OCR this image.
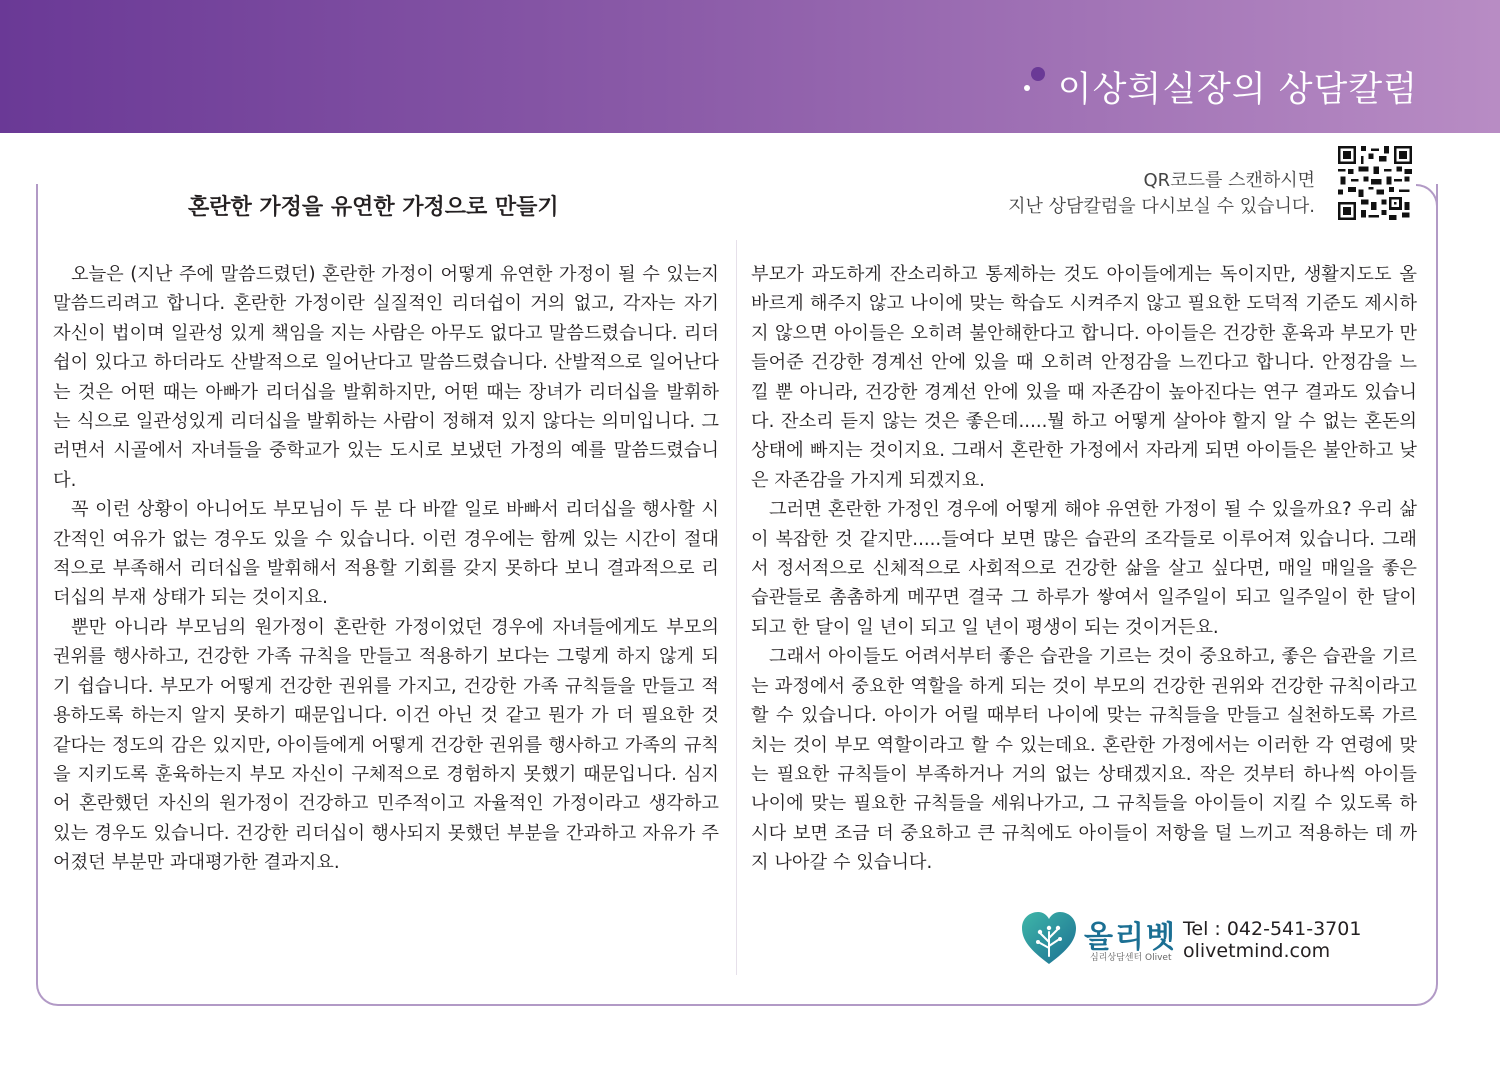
이상희실장의 상담칼럼
혼란한 가정을 유연한 가정으로 만들기
QR코드를 스캔하시면
지난 상담칼럼을 다시보실 수 있습니다.

오늘은 (지난 주에 말씀드렸던) 혼란한 가정이 어떻게 유연한 가정이 될 수 있는지 말씀드리려고 합니다. 혼란한 가정이란 실질적인 리더쉽이 거의 없고, 각자는 자기 자신이 법이며 일관성 있게 책임을 지는 사람은 아무도 없다고 말씀드렸습니다. 리더쉽이 있다고 하더라도 산발적으로 일어난다고 말씀드렸습니다. 산발적으로 일어난다는 것은 어떤 때는 아빠가 리더십을 발휘하지만, 어떤 때는 장녀가 리더십을 발휘하는 식으로 일관성있게 리더십을 발휘하는 사람이 정해져 있지 않다는 의미입니다. 그러면서 시골에서 자녀들을 중학교가 있는 도시로 보냈던 가정의 예를 말씀드렸습니다.

꼭 이런 상황이 아니어도 부모님이 두 분 다 바깥 일로 바빠서 리더십을 행사할 시간적인 여유가 없는 경우도 있을 수 있습니다. 이런 경우에는 함께 있는 시간이 절대적으로 부족해서 리더십을 발휘해서 적용할 기회를 갖지 못하다 보니 결과적으로 리더십의 부재 상태가 되는 것이지요.

뿐만 아니라 부모님의 원가정이 혼란한 가정이었던 경우에 자녀들에게도 부모의 권위를 행사하고, 건강한 가족 규칙을 만들고 적용하기 보다는 그렇게 하지 않게 되기 쉽습니다. 부모가 어떻게 건강한 권위를 가지고, 건강한 가족 규칙들을 만들고 적용하도록 하는지 알지 못하기 때문입니다. 이건 아닌 것 같고 뭔가 가 더 필요한 것 같다는 정도의 감은 있지만, 아이들에게 어떻게 건강한 권위를 행사하고 가족의 규칙을 지키도록 훈육하는지 부모 자신이 구체적으로 경험하지 못했기 때문입니다. 심지어 혼란했던 자신의 원가정이 건강하고 민주적이고 자율적인 가정이라고 생각하고 있는 경우도 있습니다. 건강한 리더십이 행사되지 못했던 부분을 간과하고 자유가 주어졌던 부분만 과대평가한 결과지요.

부모가 과도하게 잔소리하고 통제하는 것도 아이들에게는 독이지만, 생활지도도 올바르게 해주지 않고 나이에 맞는 학습도 시켜주지 않고 필요한 도덕적 기준도 제시하지 않으면 아이들은 오히려 불안해한다고 합니다. 아이들은 건강한 훈육과 부모가 만들어준 건강한 경계선 안에 있을 때 오히려 안정감을 느낀다고 합니다. 안정감을 느낄 뿐 아니라, 건강한 경계선 안에 있을 때 자존감이 높아진다는 연구 결과도 있습니다. 잔소리 듣지 않는 것은 좋은데.....뭘 하고 어떻게 살아야 할지 알 수 없는 혼돈의 상태에 빠지는 것이지요. 그래서 혼란한 가정에서 자라게 되면 아이들은 불안하고 낮은 자존감을 가지게 되겠지요.

그러면 혼란한 가정인 경우에 어떻게 해야 유연한 가정이 될 수 있을까요? 우리 삶이 복잡한 것 같지만.....들여다 보면 많은 습관의 조각들로 이루어져 있습니다. 그래서 정서적으로 신체적으로 사회적으로 건강한 삶을 살고 싶다면, 매일 매일을 좋은 습관들로 촘촘하게 메꾸면 결국 그 하루가 쌓여서 일주일이 되고 일주일이 한 달이 되고 한 달이 일 년이 되고 일 년이 평생이 되는 것이거든요.

그래서 아이들도 어려서부터 좋은 습관을 기르는 것이 중요하고, 좋은 습관을 기르는 과정에서 중요한 역할을 하게 되는 것이 부모의 건강한 권위와 건강한 규칙이라고 할 수 있습니다. 아이가 어릴 때부터 나이에 맞는 규칙들을 만들고 실천하도록 가르치는 것이 부모 역할이라고 할 수 있는데요. 혼란한 가정에서는 이러한 각 연령에 맞는 필요한 규칙들이 부족하거나 거의 없는 상태겠지요. 작은 것부터 하나씩 아이들 나이에 맞는 필요한 규칙들을 세워나가고, 그 규칙들을 아이들이 지킬 수 있도록 하시다 보면 조금 더 중요하고 큰 규칙에도 아이들이 저항을 덜 느끼고 적용하는 데 까지 나아갈 수 있습니다.

올리벳
심리상담센터 Olivet
Tel : 042-541-3701
olivetmind.com
